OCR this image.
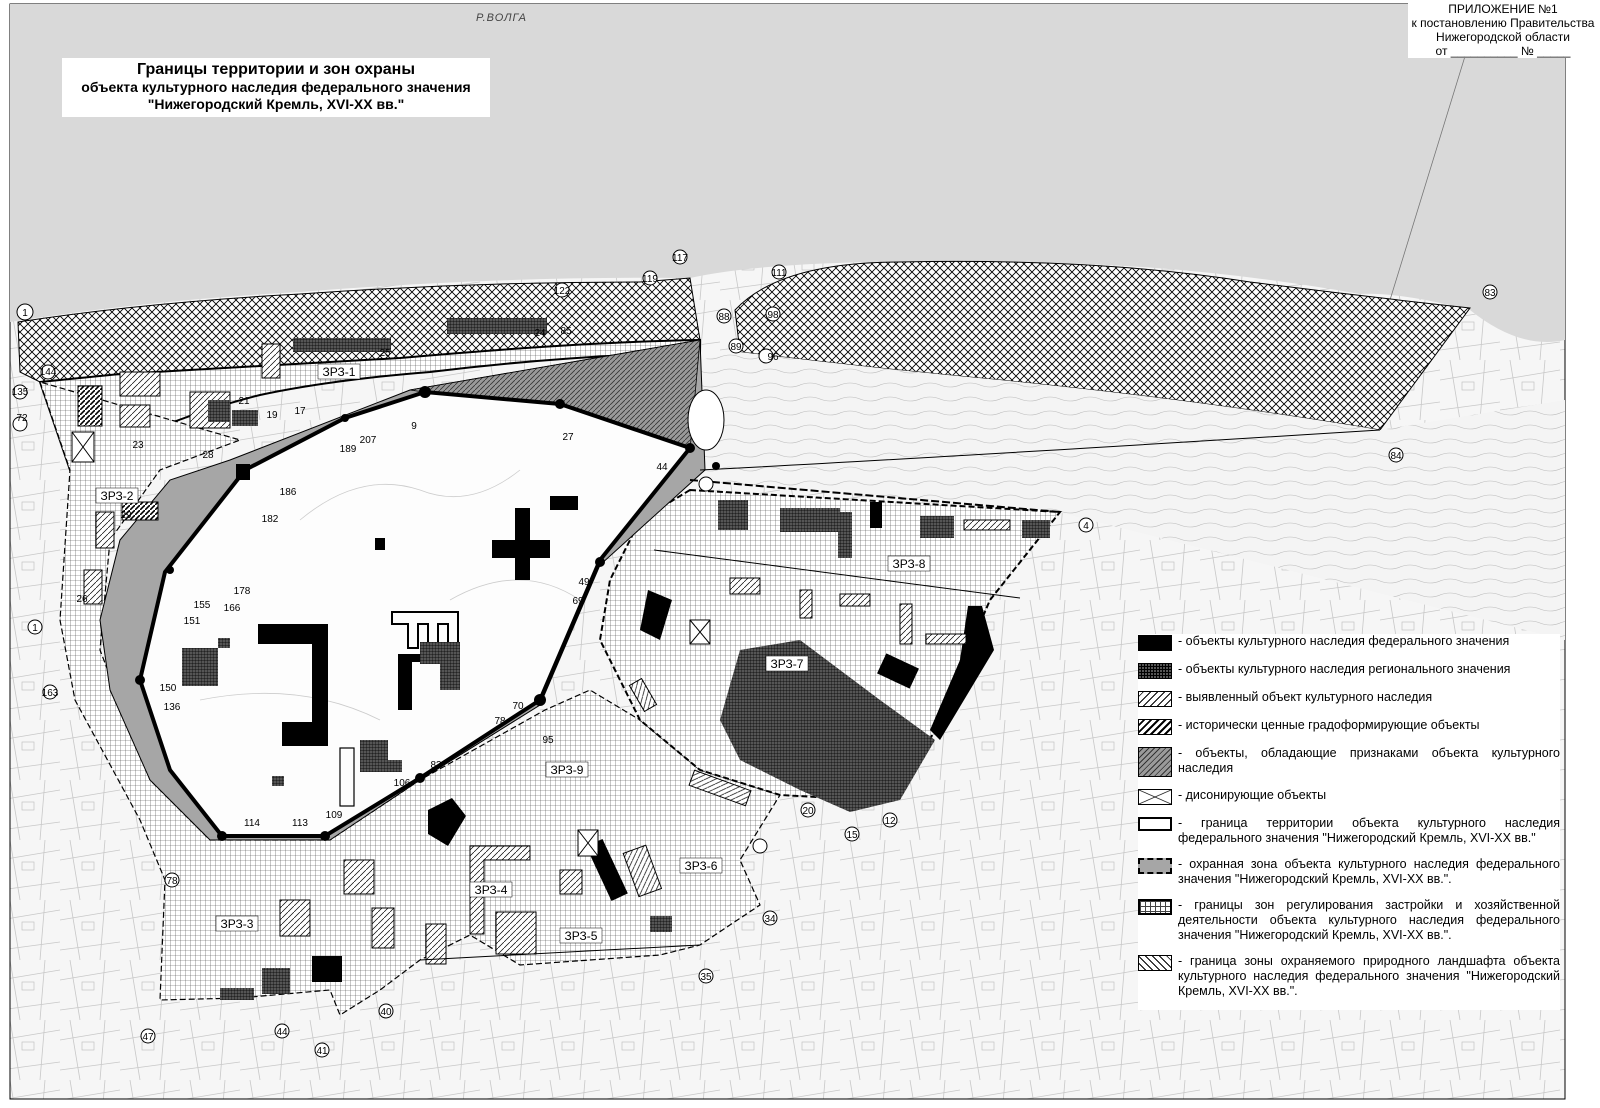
ЗРЗ-1
ЗРЗ-2
ЗРЗ-3
ЗРЗ-4
ЗРЗ-5
ЗРЗ-6
ЗРЗ-7
ЗРЗ-8
ЗРЗ-9
1
72
135
144
1
163
78
47
41
44
40
35
34
15
12
20
4
84
83
88
89
96
98
111
117
119
122
85
24
25
9
27
44
189
207
182
186
178
166
155
151
150
136
114	113
109
106
83
78
70
69
49
95
26
29
28
23
21
19 17
Р.ВОЛГА
ПРИЛОЖЕНИЕ №1
к постановлению Правительства
Нижегородской области
от __________ № _____
Границы территории и зон охраны
объекта культурного наследия федерального значения
"Нижегородский Кремль, XVI-XX вв."
- объекты культурного наследия федерального значения
- объекты культурного наследия регионального значения
- выявленный объект культурного наследия
- исторически ценные градоформирующие объекты
- объекты, обладающие признаками объекта культурного наследия
- дисонирующие объекты
- граница территории объекта культурного наследия федерального значения "Нижегородский Кремль, XVI-XX вв."
- охранная зона объекта культурного наследия федерального значения "Нижегородский Кремль, XVI-XX вв.".
- границы зон регулирования застройки и хозяйственной деятельности объекта культурного наследия федерального значения "Нижегородский Кремль, XVI-XX вв.".
- граница зоны охраняемого природного ландшафта объекта культурного наследия федерального значения "Нижегородский Кремль, XVI-XX вв.".
